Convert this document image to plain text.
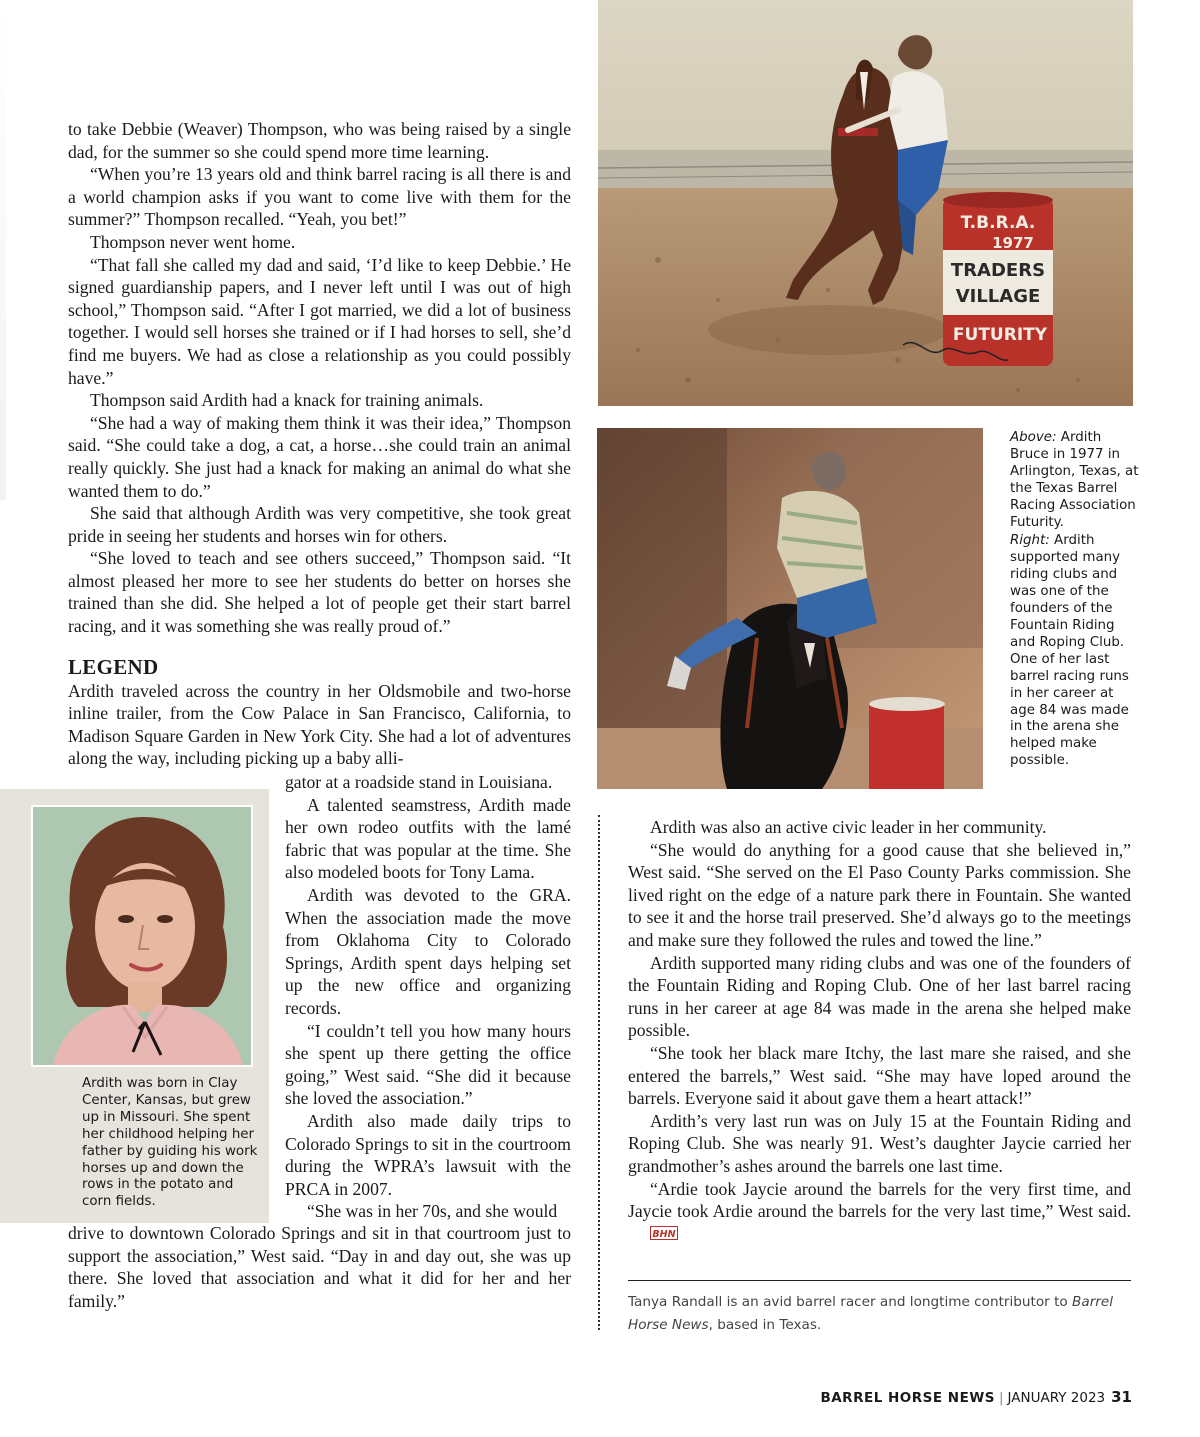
T.B.R.A.
1977
TRADERS
VILLAGE
FUTURITY

Above: Ardith Bruce in 1977 in Arlington, Texas, at the Texas Barrel Racing Association Futurity.

Right: Ardith supported many riding clubs and was one of the founders of the Fountain Riding and Roping Club. One of her last barrel racing runs in her career at age 84 was made in the arena she helped make possible.

to take Debbie (Weaver) Thompson, who was being raised by a single dad, for the summer so she could spend more time learning.

“When you’re 13 years old and think barrel racing is all there is and a world champion asks if you want to come live with them for the summer?” Thompson recalled. “Yeah, you bet!”

Thompson never went home.

“That fall she called my dad and said, ‘I’d like to keep Debbie.’ He signed guardianship papers, and I never left until I was out of high school,” Thompson said. “After I got married, we did a lot of business together. I would sell horses she trained or if I had horses to sell, she’d find me buyers. We had as close a relationship as you could possibly have.”

Thompson said Ardith had a knack for training animals.

“She had a way of making them think it was their idea,” Thompson said. “She could take a dog, a cat, a horse…she could train an animal really quickly. She just had a knack for making an animal do what she wanted them to do.”

She said that although Ardith was very competitive, she took great pride in seeing her students and horses win for others.

“She loved to teach and see others succeed,” Thompson said. “It almost pleased her more to see her students do better on horses she trained than she did. She helped a lot of people get their start barrel racing, and it was something she was really proud of.”

LEGEND

Ardith traveled across the country in her Oldsmobile and two-horse inline trailer, from the Cow Palace in San Francisco, California, to Madison Square Garden in New York City. She had a lot of adventures along the way, including picking up a baby alli-

Ardith was born in Clay Center, Kansas, but grew up in Missouri. She spent her childhood helping her father by guiding his work horses up and down the rows in the potato and corn fields.

gator at a roadside stand in Louisiana.

A talented seamstress, Ardith made her own rodeo outfits with the lamé fabric that was popular at the time. She also modeled boots for Tony Lama.

Ardith was devoted to the GRA. When the association made the move from Oklahoma City to Colorado Springs, Ardith spent days helping set up the new office and organizing records.

“I couldn’t tell you how many hours she spent up there getting the office going,” West said. “She did it because she loved the association.”

Ardith also made daily trips to Colorado Springs to sit in the courtroom during the WPRA’s lawsuit with the PRCA in 2007.

“She was in her 70s, and she would

drive to downtown Colorado Springs and sit in that courtroom just to support the association,” West said. “Day in and day out, she was up there. She loved that association and what it did for her and her family.”

Ardith was also an active civic leader in her community.

“She would do anything for a good cause that she believed in,” West said. “She served on the El Paso County Parks commission. She lived right on the edge of a nature park there in Fountain. She wanted to see it and the horse trail preserved. She’d always go to the meetings and make sure they followed the rules and towed the line.”

Ardith supported many riding clubs and was one of the founders of the Fountain Riding and Roping Club. One of her last barrel racing runs in her career at age 84 was made in the arena she helped make possible.

“She took her black mare Itchy, the last mare she raised, and she entered the barrels,” West said. “She may have loped around the barrels. Everyone said it about gave them a heart attack!”

Ardith’s very last run was on July 15 at the Fountain Riding and Roping Club. She was nearly 91. West’s daughter Jaycie carried her grandmother’s ashes around the barrels one last time.

“Ardie took Jaycie around the barrels for the very first time, and Jaycie took Ardie around the barrels for the very last time,” West said.
BHN

Tanya Randall is an avid barrel racer and longtime contributor to Barrel Horse News, based in Texas.
BARREL HORSE NEWS | JANUARY 2023 31
